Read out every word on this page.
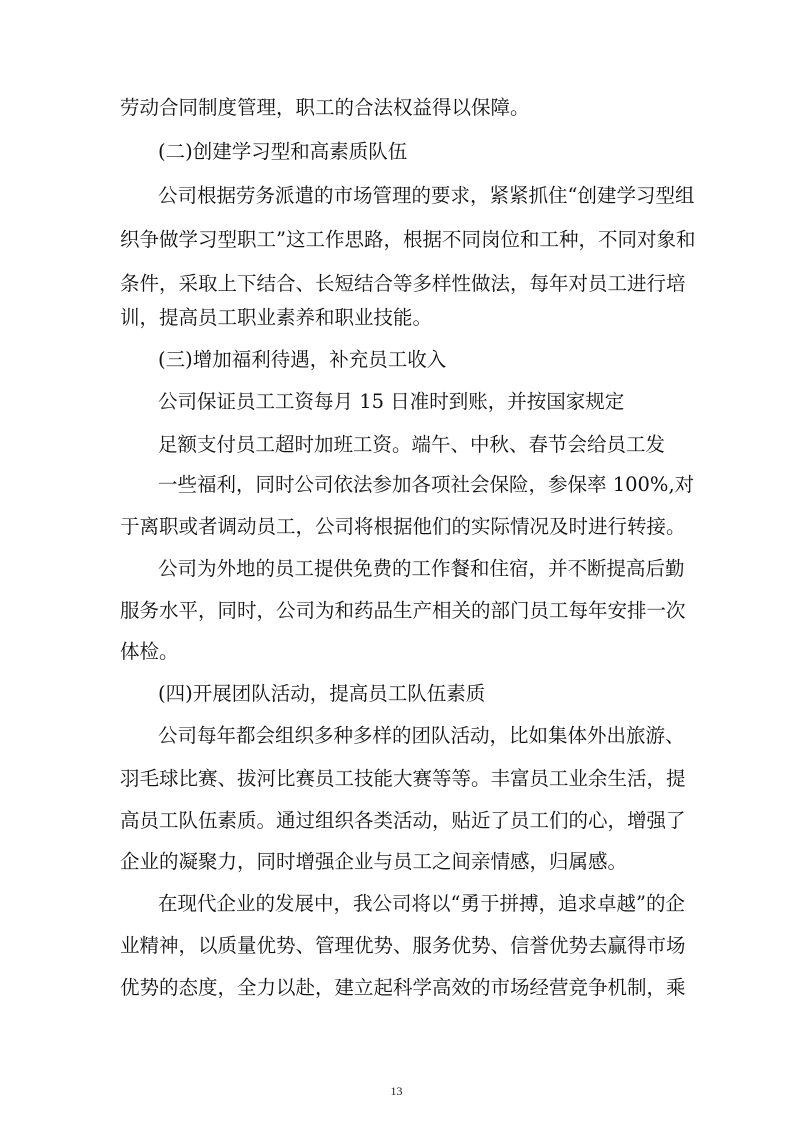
劳动合同制度管理，职工的合法权益得以保障。
(二)创建学习型和高素质队伍
公司根据劳务派遣的市场管理的要求，紧紧抓住“创建学习型组
织争做学习型职工”这工作思路，根据不同岗位和工种，不同对象和
条件，采取上下结合、长短结合等多样性做法，每年对员工进行培
训，提高员工职业素养和职业技能。
(三)增加福利待遇，补充员工收入
公司保证员工工资每月 15 日准时到账，并按国家规定
足额支付员工超时加班工资。端午、中秋、春节会给员工发
一些福利，同时公司依法参加各项社会保险，参保率 100%,对
于离职或者调动员工，公司将根据他们的实际情况及时进行转接。
公司为外地的员工提供免费的工作餐和住宿，并不断提高后勤
服务水平，同时，公司为和药品生产相关的部门员工每年安排一次
体检。
(四)开展团队活动，提高员工队伍素质
公司每年都会组织多种多样的团队活动，比如集体外出旅游、
羽毛球比赛、拔河比赛员工技能大赛等等。丰富员工业余生活，提
高员工队伍素质。通过组织各类活动，贴近了员工们的心，增强了
企业的凝聚力，同时增强企业与员工之间亲情感，归属感。
在现代企业的发展中，我公司将以“勇于拼搏，追求卓越”的企
业精神，以质量优势、管理优势、服务优势、信誉优势去赢得市场
优势的态度，全力以赴，建立起科学高效的市场经营竞争机制，乘
13
